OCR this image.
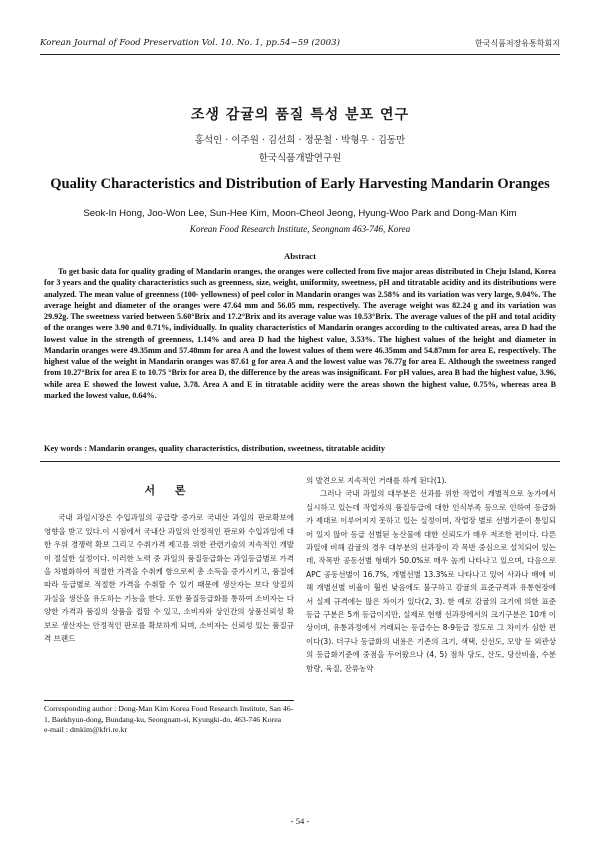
Korean Journal of Food Preservation Vol. 10. No. 1, pp.54~59 (2003)	한국식품저장유통학회지
조생 감귤의 품질 특성 분포 연구
홍석인 · 이주원 · 김선희 · 정문철 · 박형우 · 김동만
한국식품개발연구원
Quality Characteristics and Distribution of Early Harvesting Mandarin Oranges
Seok-In Hong, Joo-Won Lee, Sun-Hee Kim, Moon-Cheol Jeong, Hyung-Woo Park and Dong-Man Kim
Korean Food Research Institute, Seongnam 463-746, Korea
Abstract
To get basic data for quality grading of Mandarin oranges, the oranges were collected from five major areas distributed in Cheju Island, Korea for 3 years and the quality characteristics such as greenness, size, weight, uniformity, sweetness, pH and titratable acidity and its distributions were analyzed. The mean value of greenness (100- yellowness) of peel color in Mandarin oranges was 2.58% and its variation was very large, 9.04%. The average height and diameter of the oranges were 47.64 mm and 56.05 mm, respectively. The average weight was 82.24 g and its variation was 29.92g. The sweetness varied between 5.60°Brix and 17.2°Brix and its average value was 10.53°Brix. The average values of the pH and total acidity of the oranges were 3.90 and 0.71%, individually. In quality characteristics of Mandarin oranges according to the cultivated areas, area D had the lowest value in the strength of greenness, 1.14% and area D had the highest value, 3.53%. The highest values of the height and diameter in Mandarin oranges were 49.35mm and 57.48mm for area A and the lowest values of them were 46.35mm and 54.87mm for area E, respectively. The highest value of the weight in Mandarin oranges was 87.61 g for area A and the lowest value was 76.77g for area E. Although the sweetness ranged from 10.27°Brix for area E to 10.75 °Brix for area D, the difference by the areas was insignificant. For pH values, area B had the highest value, 3.96, while area E showed the lowest value, 3.78. Area A and E in titratable acidity were the areas shown the highest value, 0.75%, whereas area B marked the lowest value, 0.64%.
Key words : Mandarin oranges, quality characteristics, distribution, sweetness, titratable acidity
서 론

국내 과일시장은 수입과일의 공급량 증가로 국내산 과일의 판로확보에 영향을 받고 있다.이 시점에서 국내산 과일의 안정적인 판로와 수입과일에 대한 우위 경쟁력 확보 그리고 수취가격 제고를 위한 관련기술의 지속적인 개발이 절실한 실정이다. 이러한 노력 중 과일의 품질등급화는 과일등급별로 가격을 차별화하여 적절한 가격을 수취케 함으로써 총 소득을 증가시키고, 품질에 따라 등급별로 적절한 가격을 수취할 수 있기 때문에 생산자는 보다 양질의 과실을 생산을 유도하는 기능을 한다. 또한 품질등급화를 통하여 소비자는 다양한 가격과 품질의 상품을 접할 수 있고, 소비자와 상인간의 상품신뢰성 확보로 생산자는 안정적인 판로를 확보하게 되며, 소비자는 신뢰성 있는 품질규격 브랜드

의 발견으로 지속적인 거래를 하게 된다(1).

그러나 국내 과일의 대부분은 선과를 위한 작업이 개별적으로 농가에서 실시하고 있는데 작업자의 품질등급에 대한 인식부족 등으로 인하여 등급화가 제대로 이루어지지 못하고 있는 실정이며, 작업장 별로 선별기준이 통일되어 있지 않아 등급 선별된 농산물에 대한 신뢰도가 매우 저조한 편이다. 다른 과일에 비해 감귤의 경우 대부분의 선과장이 각 목반 중심으로 설치되어 있는데, 작목반 공동선별 형태가 50.0%로 매우 높게 나타나고 있으며, 다음으로 APC 공동선별이 16.7%, 개별선별 13.3%로 나타나고 있어 사과나 배에 비해 개별선별 비율이 훨씬 낮음에도 불구하고 감귤의 표준규격과 유통현장에서 실제 규격에는 많은 차이가 있다(2, 3). 한 예로 감귤의 크기에 의한 표준 등급 구분은 5개 등급이지만, 실제로 현행 선과장에서의 크기구분은 10개 이상이며, 유통과정에서 거래되는 등급수는 8-9등급 정도로 그 차이가 심한 편이다(3). 더구나 등급화의 내용은 기존의 크기, 색택, 신선도, 모양 등 외관상의 등급화기준에 중점을 두어왔으나 (4, 5) 점차 당도, 산도, 당산비율, 수분함량, 육질, 잔류농약

Corresponding author : Dong-Man Kim Korea Food Research Institute, San 46-1, Baekhyun-dong, Bundang-ku, Seongnam-si, Kyungki-do, 463-746 Korea
e-mail : dmkim@kfri.re.kr
- 54 -
